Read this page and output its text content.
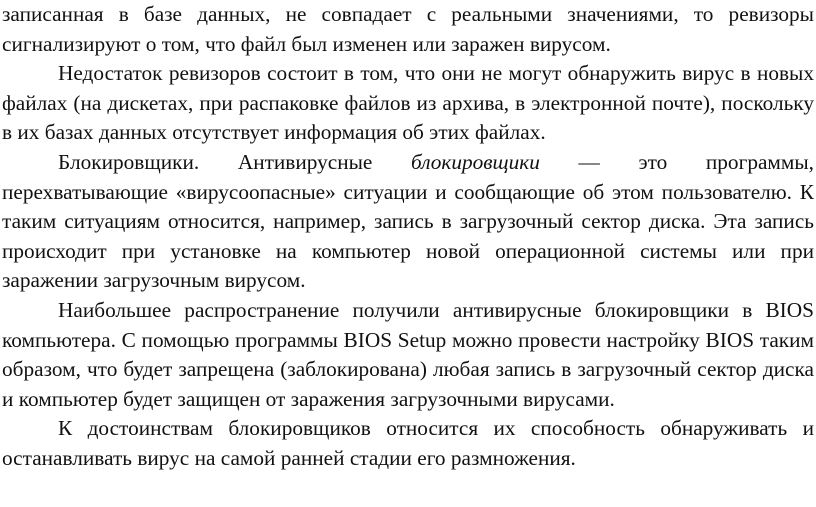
записанная в базе данных, не совпадает с реальными значениями, то ревизоры сигнализируют о том, что файл был изменен или заражен вирусом.

Недостаток ревизоров состоит в том, что они не могут обнаружить вирус в новых файлах (на дискетах, при распаковке файлов из архива, в электронной почте), поскольку в их базах данных отсутствует информация об этих файлах.

Блокировщики. Антивирусные блокировщики — это программы, перехватывающие «вирусоопасные» ситуации и сообщающие об этом пользователю. К таким ситуациям относится, например, запись в загрузочный сектор диска. Эта запись происходит при установке на компьютер новой операционной системы или при заражении загрузочным вирусом.

Наибольшее распространение получили антивирусные блокировщики в BIOS компьютера. С помощью программы BIOS Setup можно провести настройку BIOS таким образом, что будет запрещена (заблокирована) любая запись в загрузочный сектор диска и компьютер будет защищен от заражения загрузочными вирусами.

К достоинствам блокировщиков относится их способность обнаруживать и останавливать вирус на самой ранней стадии его размножения.
